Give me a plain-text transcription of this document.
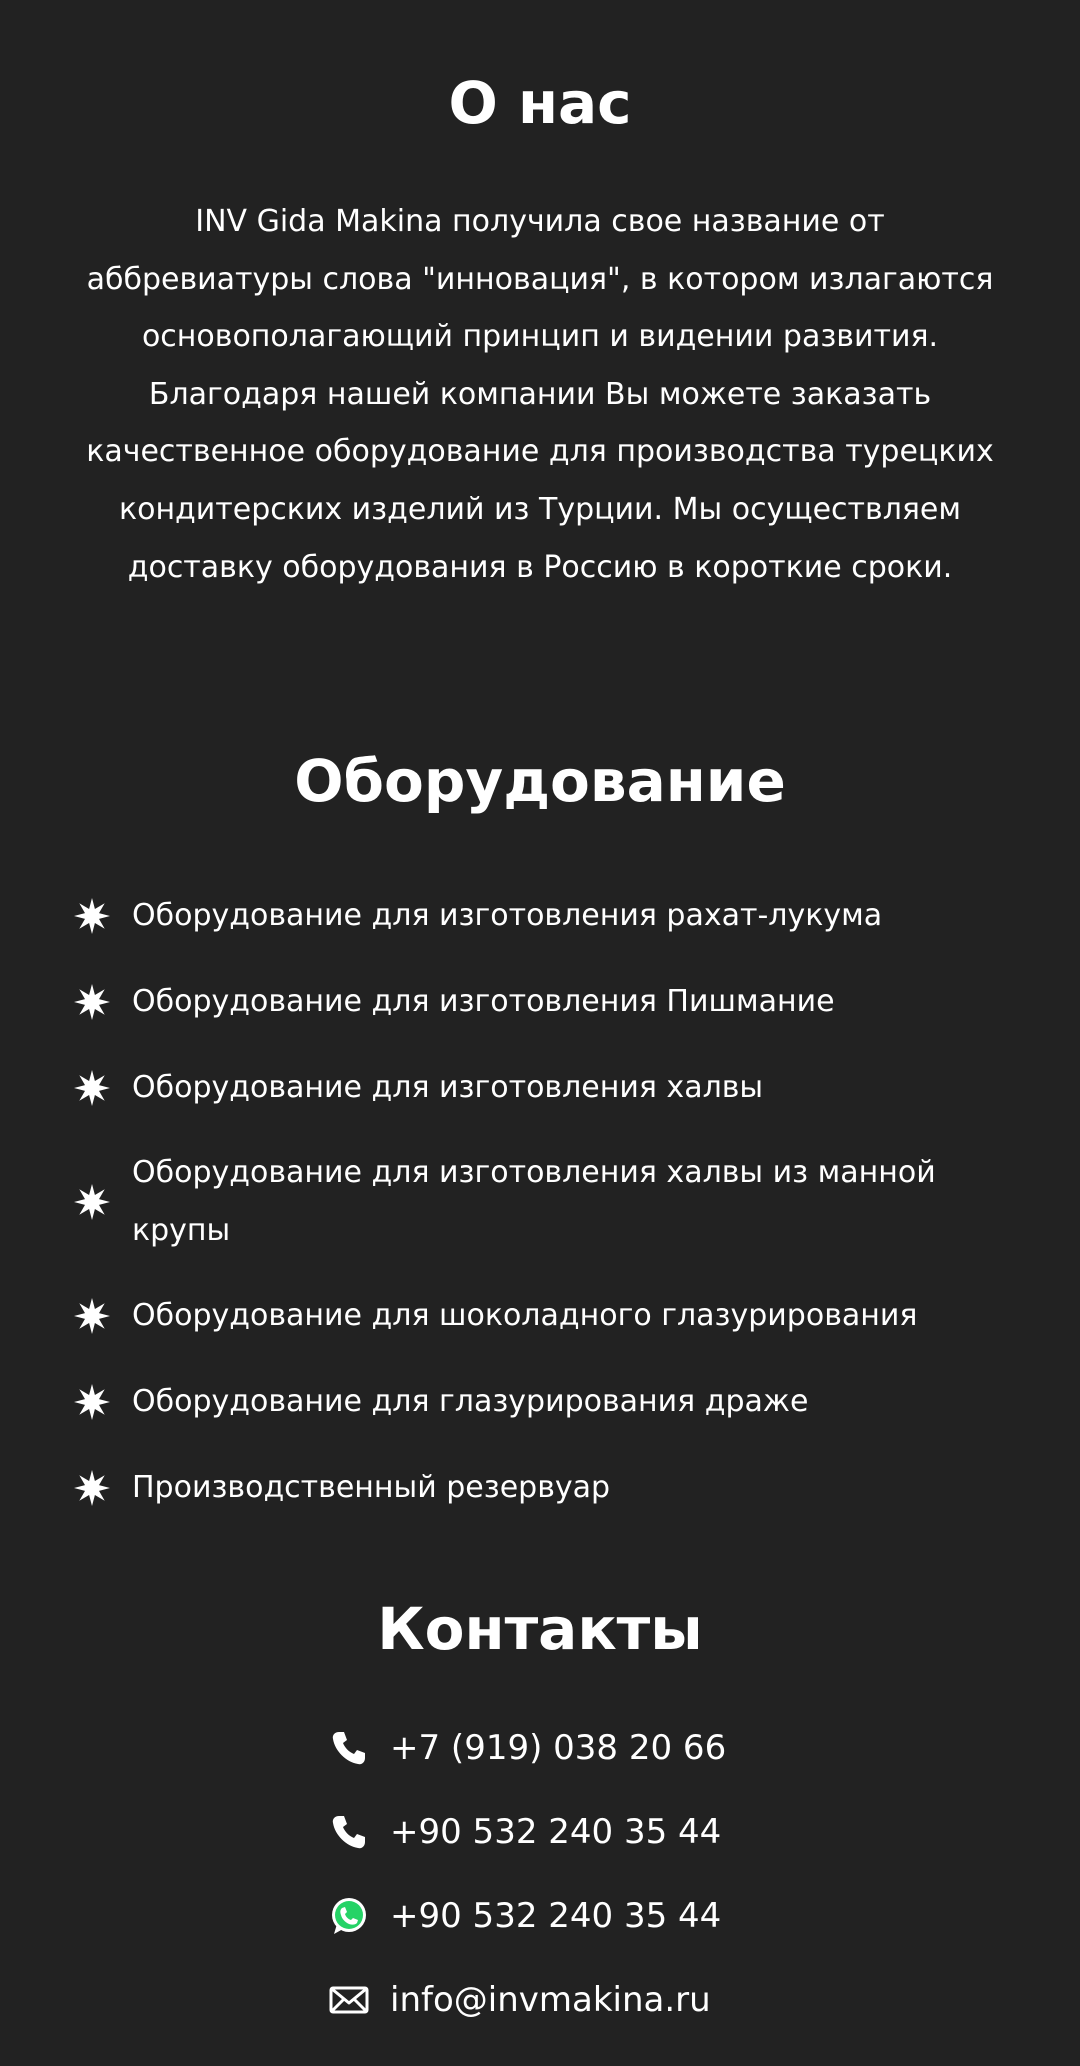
О нас

INV Gida Makina получила свое название от аббревиатуры слова "инновация", в котором излагаются основополагающий принцип и видении развития. Благодаря нашей компании Вы можете заказать качественное оборудование для производства турецких кондитерских изделий из Турции. Мы осуществляем доставку оборудования в Россию в короткие сроки.

Оборудование
Оборудование для изготовления рахат-лукума
Оборудование для изготовления Пишмание
Оборудование для изготовления халвы
Оборудование для изготовления халвы из манной крупы
Оборудование для шоколадного глазурирования
Оборудование для глазурирования драже
Производственный резервуар
Контакты
+7 (919) 038 20 66
+90 532 240 35 44
+90 532 240 35 44
info@invmakina.ru
